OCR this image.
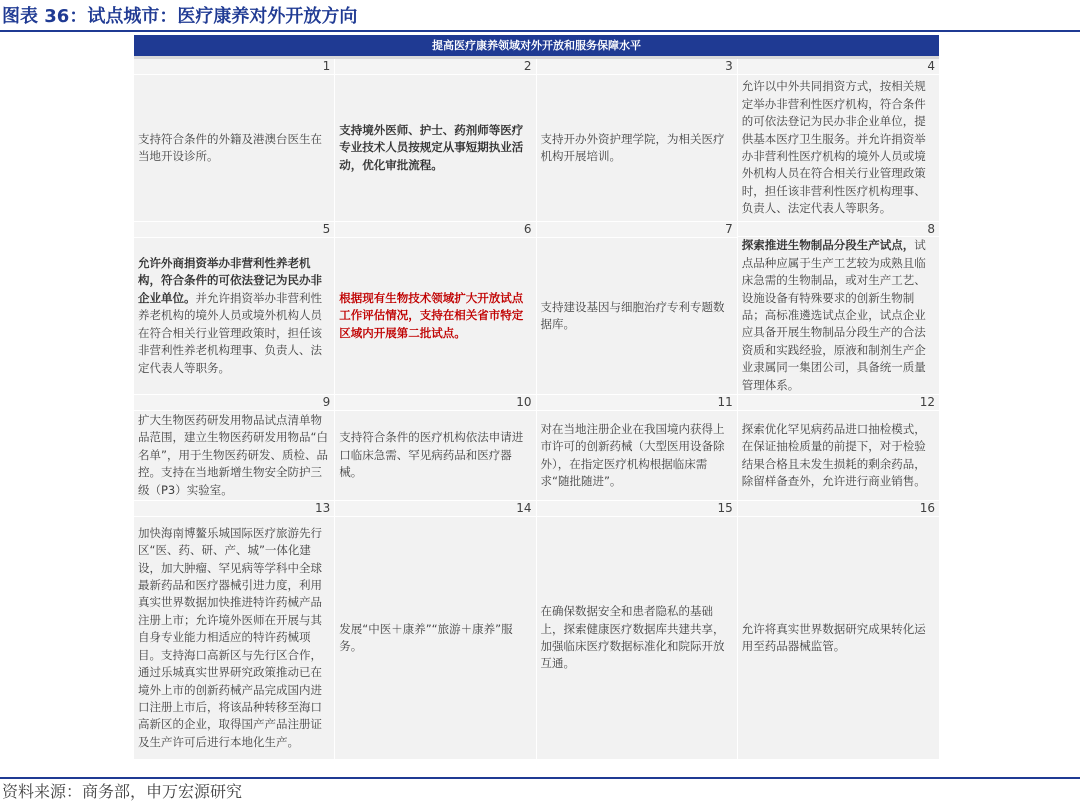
图表 36：试点城市：医疗康养对外开放方向
提高医疗康养领域对外开放和服务保障水平
1
支持符合条件的外籍及港澳台医生在当地开设诊所。
2
支持境外医师、护士、药剂师等医疗专业技术人员按规定从事短期执业活动，优化审批流程。
3
支持开办外资护理学院，为相关医疗机构开展培训。
4
允许以中外共同捐资方式，按相关规定举办非营利性医疗机构，符合条件的可依法登记为民办非企业单位，提供基本医疗卫生服务。并允许捐资举办非营利性医疗机构的境外人员或境外机构人员在符合相关行业管理政策时，担任该非营利性医疗机构理事、负责人、法定代表人等职务。
5
允许外商捐资举办非营利性养老机构，符合条件的可依法登记为民办非企业单位。并允许捐资举办非营利性养老机构的境外人员或境外机构人员在符合相关行业管理政策时，担任该非营利性养老机构理事、负责人、法定代表人等职务。
6
根据现有生物技术领域扩大开放试点工作评估情况，支持在相关省市特定区域内开展第二批试点。
7
支持建设基因与细胞治疗专利专题数据库。
8
探索推进生物制品分段生产试点，试点品种应属于生产工艺较为成熟且临床急需的生物制品，或对生产工艺、设施设备有特殊要求的创新生物制品；高标准遴选试点企业，试点企业应具备开展生物制品分段生产的合法资质和实践经验，原液和制剂生产企业隶属同一集团公司，具备统一质量管理体系。
9
扩大生物医药研发用物品试点清单物品范围，建立生物医药研发用物品“白名单”，用于生物医药研发、质检、品控。支持在当地新增生物安全防护三级（P3）实验室。
10
支持符合条件的医疗机构依法申请进口临床急需、罕见病药品和医疗器械。
11
对在当地注册企业在我国境内获得上市许可的创新药械（大型医用设备除外），在指定医疗机构根据临床需求“随批随进”。
12
探索优化罕见病药品进口抽检模式，在保证抽检质量的前提下，对于检验结果合格且未发生损耗的剩余药品，除留样备查外，允许进行商业销售。
13
加快海南博鳌乐城国际医疗旅游先行区“医、药、研、产、城”一体化建设，加大肿瘤、罕见病等学科中全球最新药品和医疗器械引进力度，利用真实世界数据加快推进特许药械产品注册上市；允许境外医师在开展与其自身专业能力相适应的特许药械项目。支持海口高新区与先行区合作，通过乐城真实世界研究政策推动已在境外上市的创新药械产品完成国内进口注册上市后，将该品种转移至海口高新区的企业，取得国产产品注册证及生产许可后进行本地化生产。
14
发展“中医＋康养”“旅游＋康养”服务。
15
在确保数据安全和患者隐私的基础上，探索健康医疗数据库共建共享，加强临床医疗数据标准化和院际开放互通。
16
允许将真实世界数据研究成果转化运用至药品器械监管。
资料来源：商务部，申万宏源研究
